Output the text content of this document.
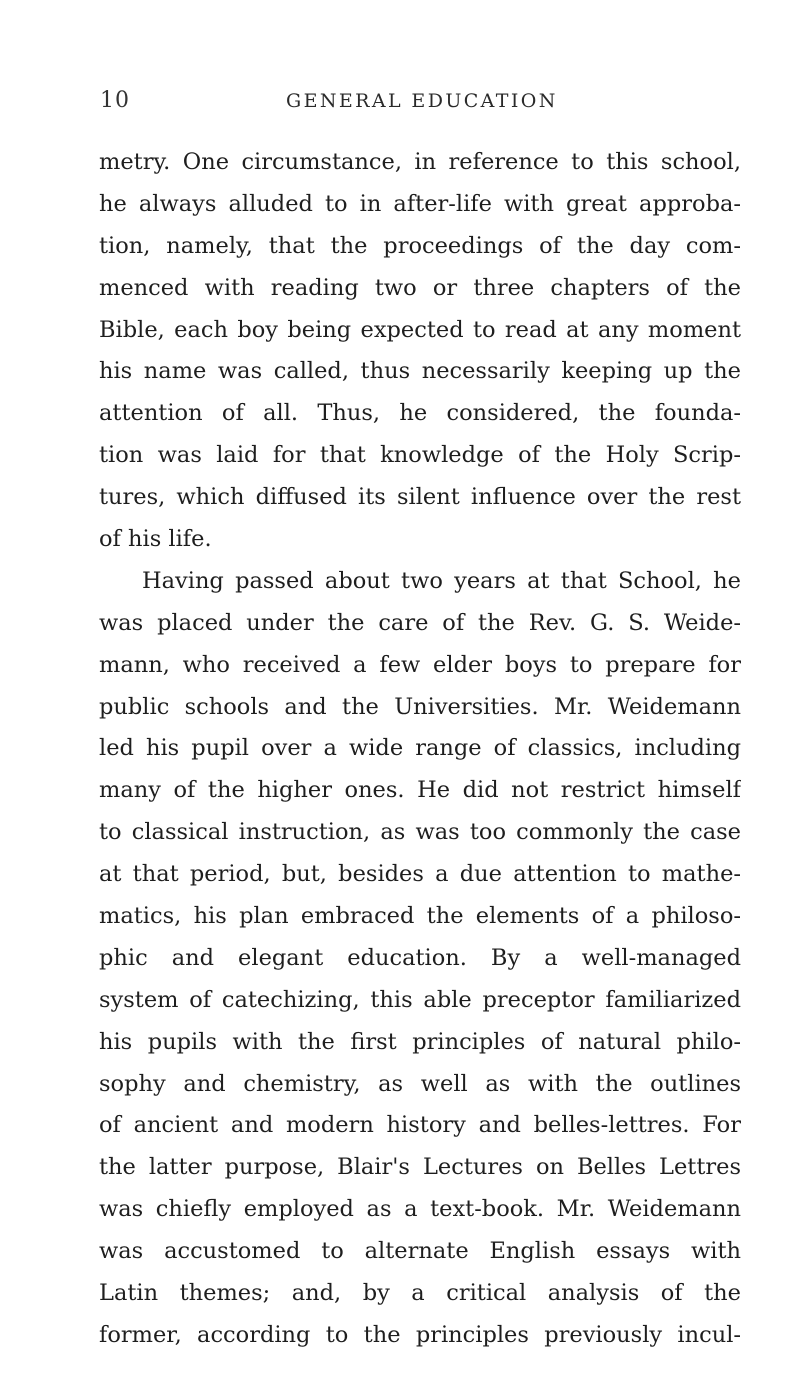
10	GENERAL EDUCATION
metry. One circumstance, in reference to this school,
he always alluded to in after-life with great approba-
tion, namely, that the proceedings of the day com-
menced with reading two or three chapters of the
Bible, each boy being expected to read at any moment
his name was called, thus necessarily keeping up the
attention of all. Thus, he considered, the founda-
tion was laid for that knowledge of the Holy Scrip-
tures, which diffused its silent influence over the rest
of his life.
Having passed about two years at that School, he
was placed under the care of the Rev. G. S. Weide-
mann, who received a few elder boys to prepare for
public schools and the Universities. Mr. Weidemann
led his pupil over a wide range of classics, including
many of the higher ones. He did not restrict himself
to classical instruction, as was too commonly the case
at that period, but, besides a due attention to mathe-
matics, his plan embraced the elements of a philoso-
phic and elegant education. By a well-managed
system of catechizing, this able preceptor familiarized
his pupils with the first principles of natural philo-
sophy and chemistry, as well as with the outlines
of ancient and modern history and belles-lettres. For
the latter purpose, Blair's Lectures on Belles Lettres
was chiefly employed as a text-book. Mr. Weidemann
was accustomed to alternate English essays with
Latin themes; and, by a critical analysis of the
former, according to the principles previously incul-
